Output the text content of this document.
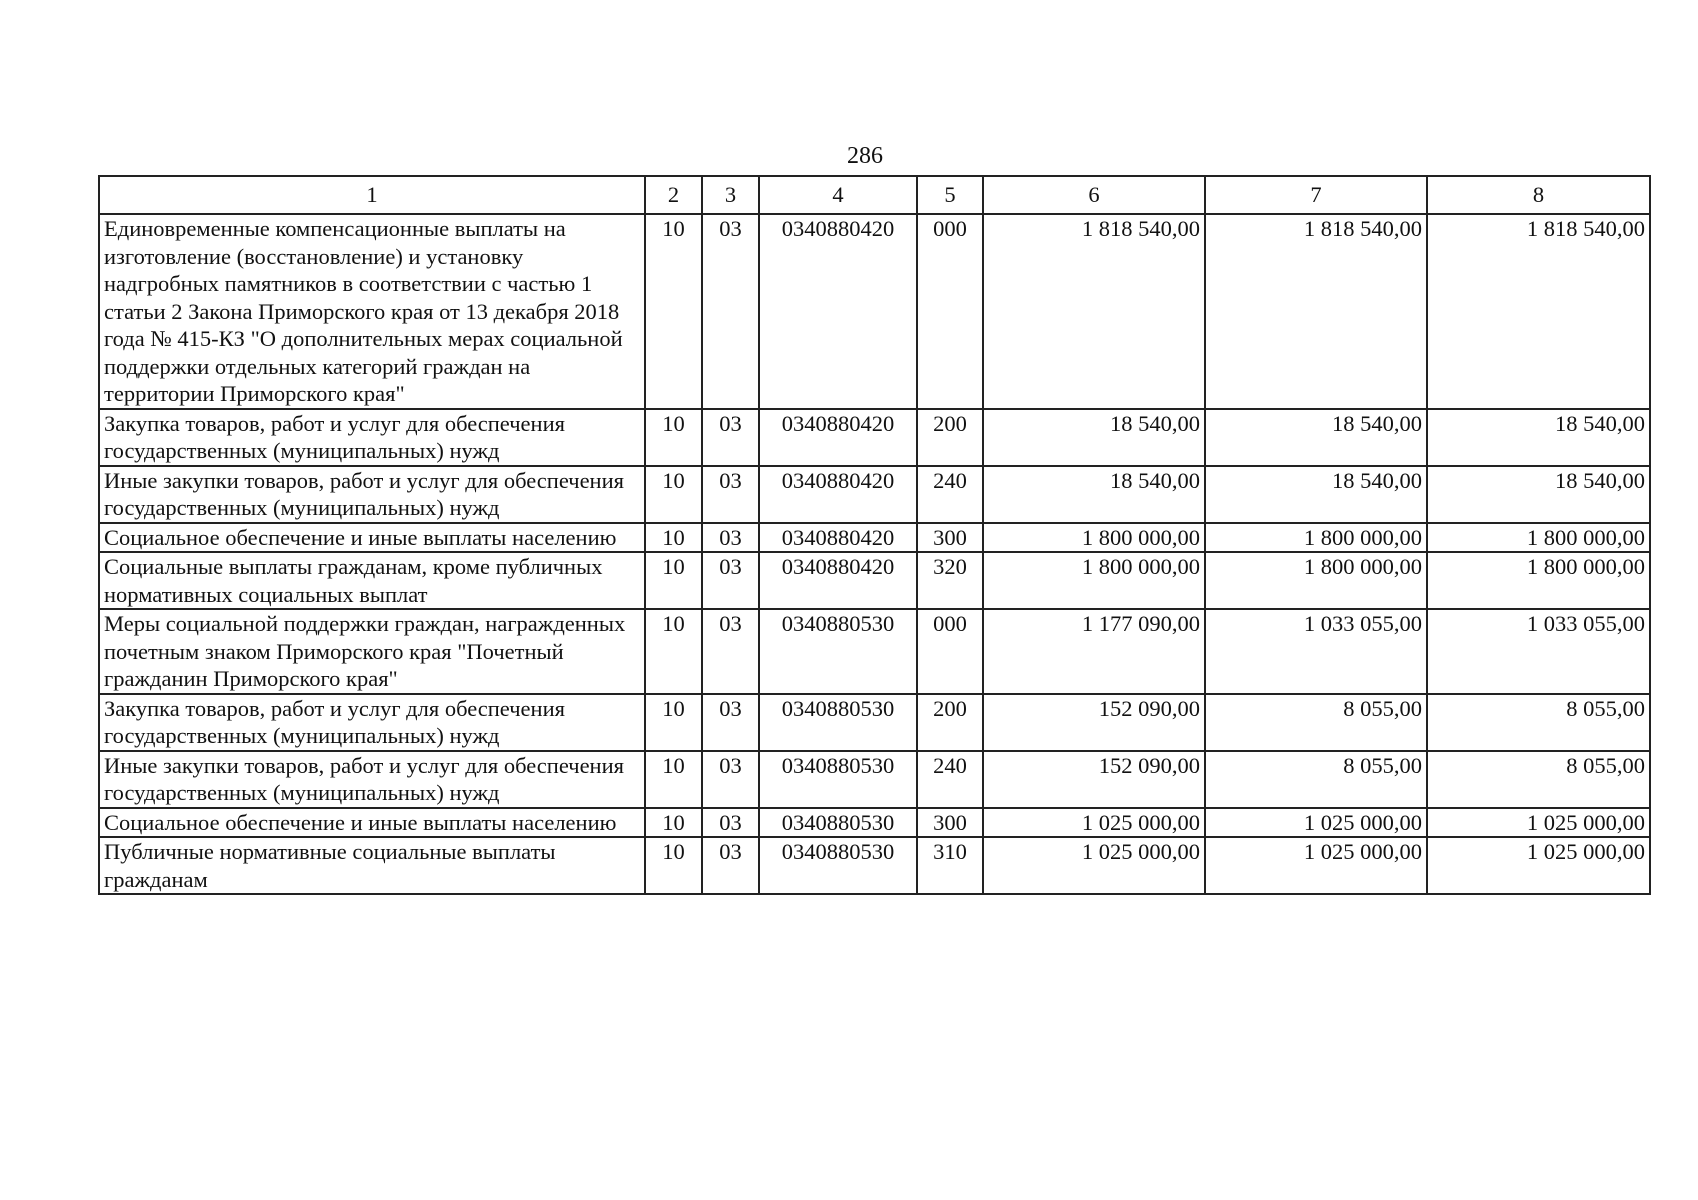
286
1	2	3	4	5	6	7	8
Единовременные компенсационные выплаты на изготовление (восстановление) и установку надгробных памятников в соответствии с частью 1 статьи 2 Закона Приморского края от 13 декабря 2018 года № 415-КЗ "О дополнительных мерах социальной поддержки отдельных категорий граждан на территории Приморского края"	10	03	0340880420	000	1 818 540,00	1 818 540,00	1 818 540,00
Закупка товаров, работ и услуг для обеспечения государственных (муниципальных) нужд	10	03	0340880420	200	18 540,00	18 540,00	18 540,00
Иные закупки товаров, работ и услуг для обеспечения государственных (муниципальных) нужд	10	03	0340880420	240	18 540,00	18 540,00	18 540,00
Социальное обеспечение и иные выплаты населению	10	03	0340880420	300	1 800 000,00	1 800 000,00	1 800 000,00
Социальные выплаты гражданам, кроме публичных нормативных социальных выплат	10	03	0340880420	320	1 800 000,00	1 800 000,00	1 800 000,00
Меры социальной поддержки граждан, награжденных почетным знаком Приморского края "Почетный гражданин Приморского края"	10	03	0340880530	000	1 177 090,00	1 033 055,00	1 033 055,00
Закупка товаров, работ и услуг для обеспечения государственных (муниципальных) нужд	10	03	0340880530	200	152 090,00	8 055,00	8 055,00
Иные закупки товаров, работ и услуг для обеспечения государственных (муниципальных) нужд	10	03	0340880530	240	152 090,00	8 055,00	8 055,00
Социальное обеспечение и иные выплаты населению	10	03	0340880530	300	1 025 000,00	1 025 000,00	1 025 000,00
Публичные нормативные социальные выплаты гражданам	10	03	0340880530	310	1 025 000,00	1 025 000,00	1 025 000,00
